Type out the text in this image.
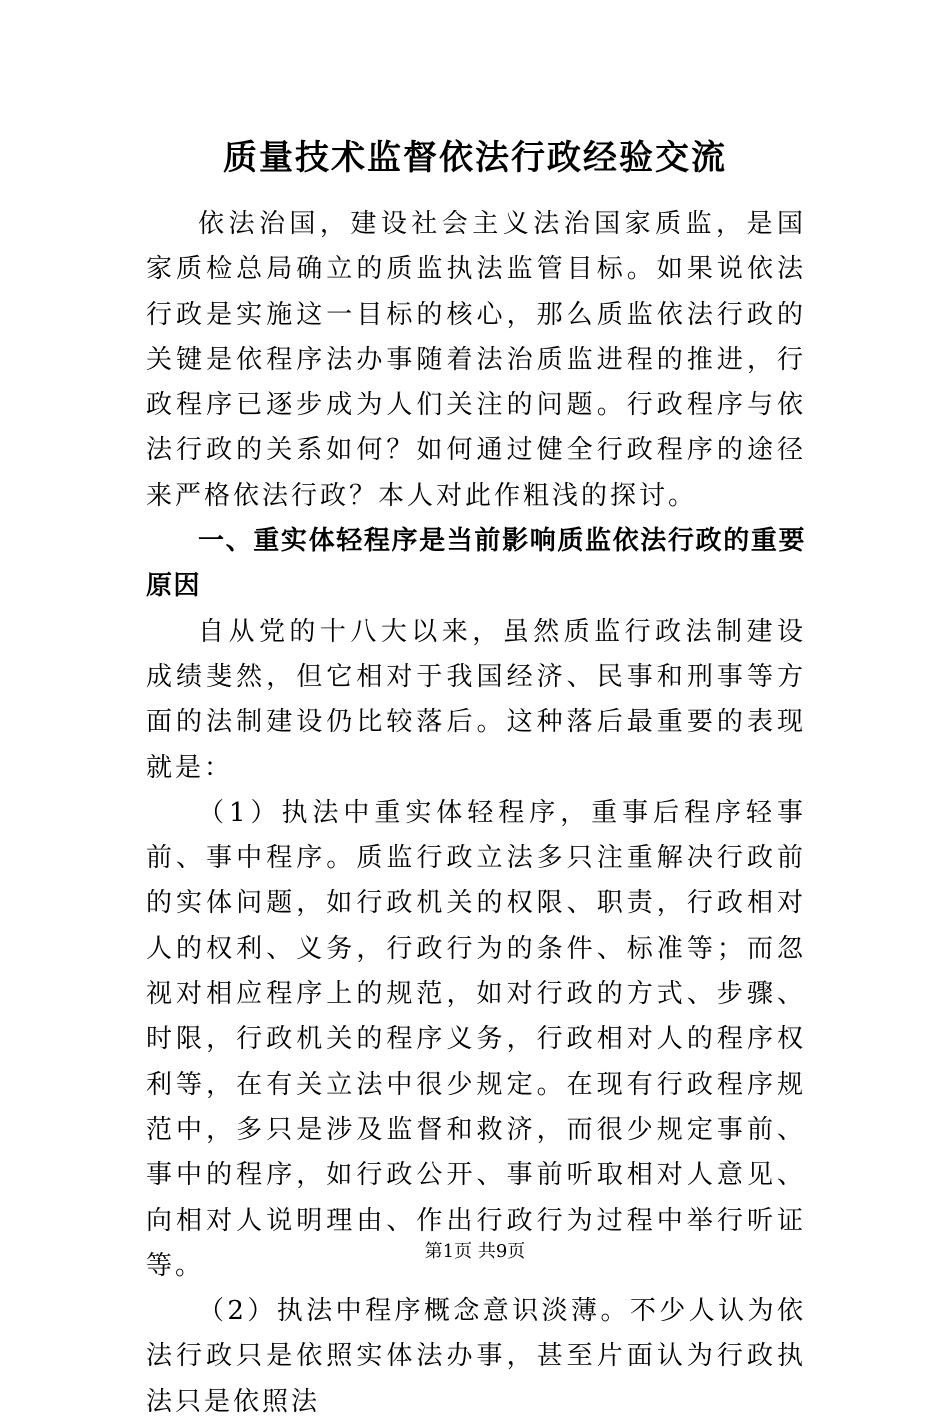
质量技术监督依法行政经验交流

依法治国，建设社会主义法治国家质监，是国家质检总局确立的质监执法监管目标。如果说依法行政是实施这一目标的核心，那么质监依法行政的关键是依程序法办事随着法治质监进程的推进，行政程序已逐步成为人们关注的问题。行政程序与依法行政的关系如何？如何通过健全行政程序的途径来严格依法行政？本人对此作粗浅的探讨。

一、重实体轻程序是当前影响质监依法行政的重要原因

自从党的十八大以来，虽然质监行政法制建设成绩斐然，但它相对于我国经济、民事和刑事等方面的法制建设仍比较落后。这种落后最重要的表现就是：

（1）执法中重实体轻程序，重事后程序轻事前、事中程序。质监行政立法多只注重解决行政前的实体问题，如行政机关的权限、职责，行政相对人的权利、义务，行政行为的条件、标准等；而忽视对相应程序上的规范，如对行政的方式、步骤、时限，行政机关的程序义务，行政相对人的程序权利等，在有关立法中很少规定。在现有行政程序规范中，多只是涉及监督和救济，而很少规定事前、事中的程序，如行政公开、事前听取相对人意见、向相对人说明理由、作出行政行为过程中举行听证等。

（2）执法中程序概念意识淡薄。不少人认为依法行政只是依照实体法办事，甚至片面认为行政执法只是依照法

第1页 共9页
